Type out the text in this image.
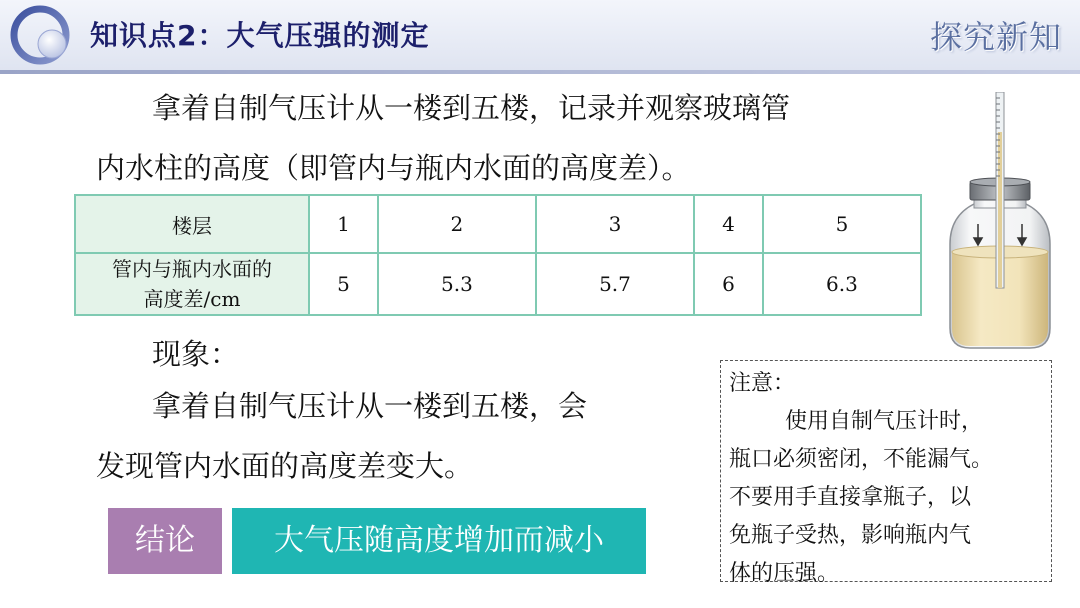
知识点2：大气压强的测定	探究新知
拿着自制气压计从一楼到五楼，记录并观察玻璃管
内水柱的高度（即管内与瓶内水面的高度差）。
楼层	1	2	3	4	5

管内与瓶内水面的
高度差/cm	5	5.3	5.7	6	6.3
现象：
拿着自制气压计从一楼到五楼，会
发现管内水面的高度差变大。
结论	大气压随高度增加而减小
注意：
使用自制气压计时，
瓶口必须密闭，不能漏气。
不要用手直接拿瓶子，以
免瓶子受热，影响瓶内气
体的压强。
